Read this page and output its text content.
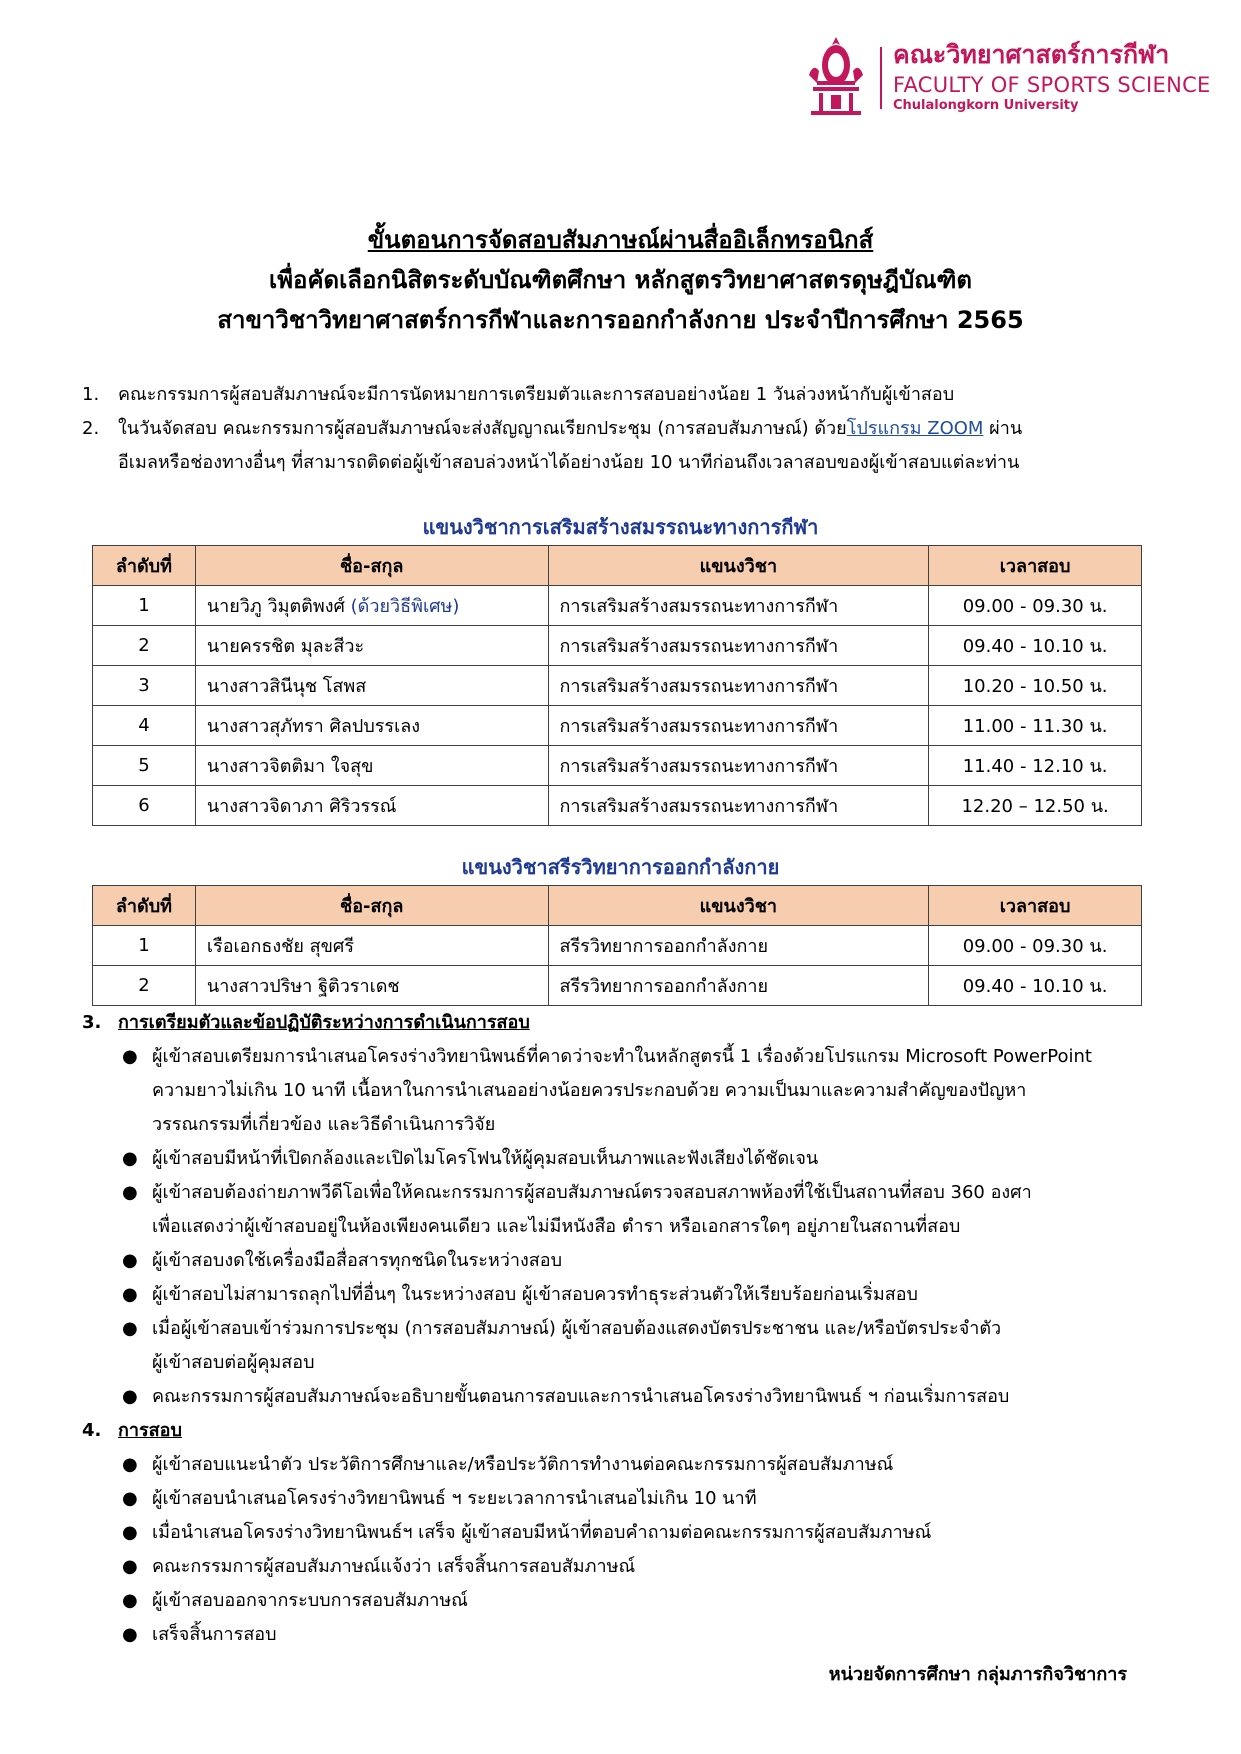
คณะวิทยาศาสตร์การกีฬา
FACULTY OF SPORTS SCIENCE
Chulalongkorn University
ขั้นตอนการจัดสอบสัมภาษณ์ผ่านสื่ออิเล็กทรอนิกส์
เพื่อคัดเลือกนิสิตระดับบัณฑิตศึกษา หลักสูตรวิทยาศาสตรดุษฎีบัณฑิต
สาขาวิชาวิทยาศาสตร์การกีฬาและการออกกำลังกาย ประจำปีการศึกษา 2565
1. คณะกรรมการผู้สอบสัมภาษณ์จะมีการนัดหมายการเตรียมตัวและการสอบอย่างน้อย 1 วันล่วงหน้ากับผู้เข้าสอบ
2. ในวันจัดสอบ คณะกรรมการผู้สอบสัมภาษณ์จะส่งสัญญาณเรียกประชุม (การสอบสัมภาษณ์) ด้วยโปรแกรม ZOOM ผ่าน
อีเมลหรือช่องทางอื่นๆ ที่สามารถติดต่อผู้เข้าสอบล่วงหน้าได้อย่างน้อย 10 นาทีก่อนถึงเวลาสอบของผู้เข้าสอบแต่ละท่าน
แขนงวิชาการเสริมสร้างสมรรถนะทางการกีฬา
ลำดับที่	ชื่อ-สกุล	แขนงวิชา	เวลาสอบ
1	นายวิภู วิมุตติพงศ์ (ด้วยวิธีพิเศษ)	การเสริมสร้างสมรรถนะทางการกีฬา	09.00 - 09.30 น.
2	นายครรชิต มุละสีวะ	การเสริมสร้างสมรรถนะทางการกีฬา	09.40 - 10.10 น.
3	นางสาวสินีนุช โสพส	การเสริมสร้างสมรรถนะทางการกีฬา	10.20 - 10.50 น.
4	นางสาวสุภัทรา ศิลปบรรเลง	การเสริมสร้างสมรรถนะทางการกีฬา	11.00 - 11.30 น.
5	นางสาวจิตติมา ใจสุข	การเสริมสร้างสมรรถนะทางการกีฬา	11.40 - 12.10 น.
6	นางสาวจิดาภา ศิริวรรณ์	การเสริมสร้างสมรรถนะทางการกีฬา	12.20 – 12.50 น.
แขนงวิชาสรีรวิทยาการออกกำลังกาย
ลำดับที่	ชื่อ-สกุล	แขนงวิชา	เวลาสอบ
1	เรือเอกธงชัย สุขศรี	สรีรวิทยาการออกกำลังกาย	09.00 - 09.30 น.
2	นางสาวปริษา ฐิติวราเดช	สรีรวิทยาการออกกำลังกาย	09.40 - 10.10 น.
3. การเตรียมตัวและข้อปฏิบัติระหว่างการดำเนินการสอบ
● ผู้เข้าสอบเตรียมการนำเสนอโครงร่างวิทยานิพนธ์ที่คาดว่าจะทำในหลักสูตรนี้ 1 เรื่องด้วยโปรแกรม Microsoft PowerPoint
ความยาวไม่เกิน 10 นาที เนื้อหาในการนำเสนออย่างน้อยควรประกอบด้วย ความเป็นมาและความสำคัญของปัญหา
วรรณกรรมที่เกี่ยวข้อง และวิธีดำเนินการวิจัย
● ผู้เข้าสอบมีหน้าที่เปิดกล้องและเปิดไมโครโฟนให้ผู้คุมสอบเห็นภาพและฟังเสียงได้ชัดเจน
● ผู้เข้าสอบต้องถ่ายภาพวีดีโอเพื่อให้คณะกรรมการผู้สอบสัมภาษณ์ตรวจสอบสภาพห้องที่ใช้เป็นสถานที่สอบ 360 องศา
เพื่อแสดงว่าผู้เข้าสอบอยู่ในห้องเพียงคนเดียว และไม่มีหนังสือ ตำรา หรือเอกสารใดๆ อยู่ภายในสถานที่สอบ
● ผู้เข้าสอบงดใช้เครื่องมือสื่อสารทุกชนิดในระหว่างสอบ
● ผู้เข้าสอบไม่สามารถลุกไปที่อื่นๆ ในระหว่างสอบ ผู้เข้าสอบควรทำธุระส่วนตัวให้เรียบร้อยก่อนเริ่มสอบ
● เมื่อผู้เข้าสอบเข้าร่วมการประชุม (การสอบสัมภาษณ์) ผู้เข้าสอบต้องแสดงบัตรประชาชน และ/หรือบัตรประจำตัว
ผู้เข้าสอบต่อผู้คุมสอบ
● คณะกรรมการผู้สอบสัมภาษณ์จะอธิบายขั้นตอนการสอบและการนำเสนอโครงร่างวิทยานิพนธ์ ฯ ก่อนเริ่มการสอบ
4. การสอบ
● ผู้เข้าสอบแนะนำตัว ประวัติการศึกษาและ/หรือประวัติการทำงานต่อคณะกรรมการผู้สอบสัมภาษณ์
● ผู้เข้าสอบนำเสนอโครงร่างวิทยานิพนธ์ ฯ ระยะเวลาการนำเสนอไม่เกิน 10 นาที
● เมื่อนำเสนอโครงร่างวิทยานิพนธ์ฯ เสร็จ ผู้เข้าสอบมีหน้าที่ตอบคำถามต่อคณะกรรมการผู้สอบสัมภาษณ์
● คณะกรรมการผู้สอบสัมภาษณ์แจ้งว่า เสร็จสิ้นการสอบสัมภาษณ์
● ผู้เข้าสอบออกจากระบบการสอบสัมภาษณ์
● เสร็จสิ้นการสอบ
หน่วยจัดการศึกษา กลุ่มภารกิจวิชาการ
